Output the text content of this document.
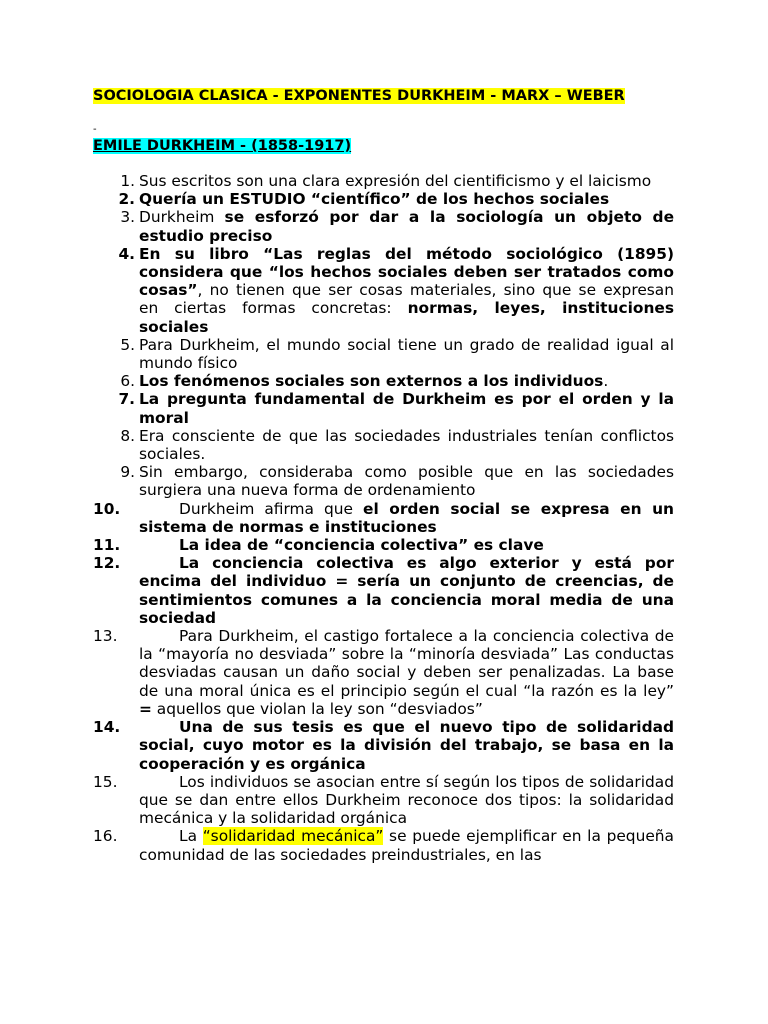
SOCIOLOGIA CLASICA - EXPONENTES DURKHEIM - MARX – WEBER
-
EMILE DURKHEIM - (1858-1917)
1. Sus escritos son una clara expresión del cientificismo y el laicismo
2. Quería un ESTUDIO “científico” de los hechos sociales
3. Durkheim se esforzó por dar a la sociología un objeto de estudio preciso
4. En su libro “Las reglas del método sociológico (1895) considera que “los hechos sociales deben ser tratados como cosas”, no tienen que ser cosas materiales, sino que se expresan en ciertas formas concretas: normas, leyes, instituciones sociales
5. Para Durkheim, el mundo social tiene un grado de realidad igual al mundo físico
6. Los fenómenos sociales son externos a los individuos.
7. La pregunta fundamental de Durkheim es por el orden y la moral
8. Era consciente de que las sociedades industriales tenían conflictos sociales.
9. Sin embargo, consideraba como posible que en las sociedades surgiera una nueva forma de ordenamiento
10.	Durkheim afirma que el orden social se expresa en un sistema de normas e instituciones
11.	La idea de “conciencia colectiva” es clave
12.	La conciencia colectiva es algo exterior y está por encima del individuo = sería un conjunto de creencias, de sentimientos comunes a la conciencia moral media de una sociedad
13.	Para Durkheim, el castigo fortalece a la conciencia colectiva de la “mayoría no desviada” sobre la “minoría desviada” Las conductas desviadas causan un daño social y deben ser penalizadas. La base de una moral única es el principio según el cual “la razón es la ley” = aquellos que violan la ley son “desviados”
14.	Una de sus tesis es que el nuevo tipo de solidaridad social, cuyo motor es la división del trabajo, se basa en la cooperación y es orgánica
15.	Los individuos se asocian entre sí según los tipos de solidaridad que se dan entre ellos Durkheim reconoce dos tipos: la solidaridad mecánica y la solidaridad orgánica
16.	La “solidaridad mecánica” se puede ejemplificar en la pequeña comunidad de las sociedades preindustriales, en las
